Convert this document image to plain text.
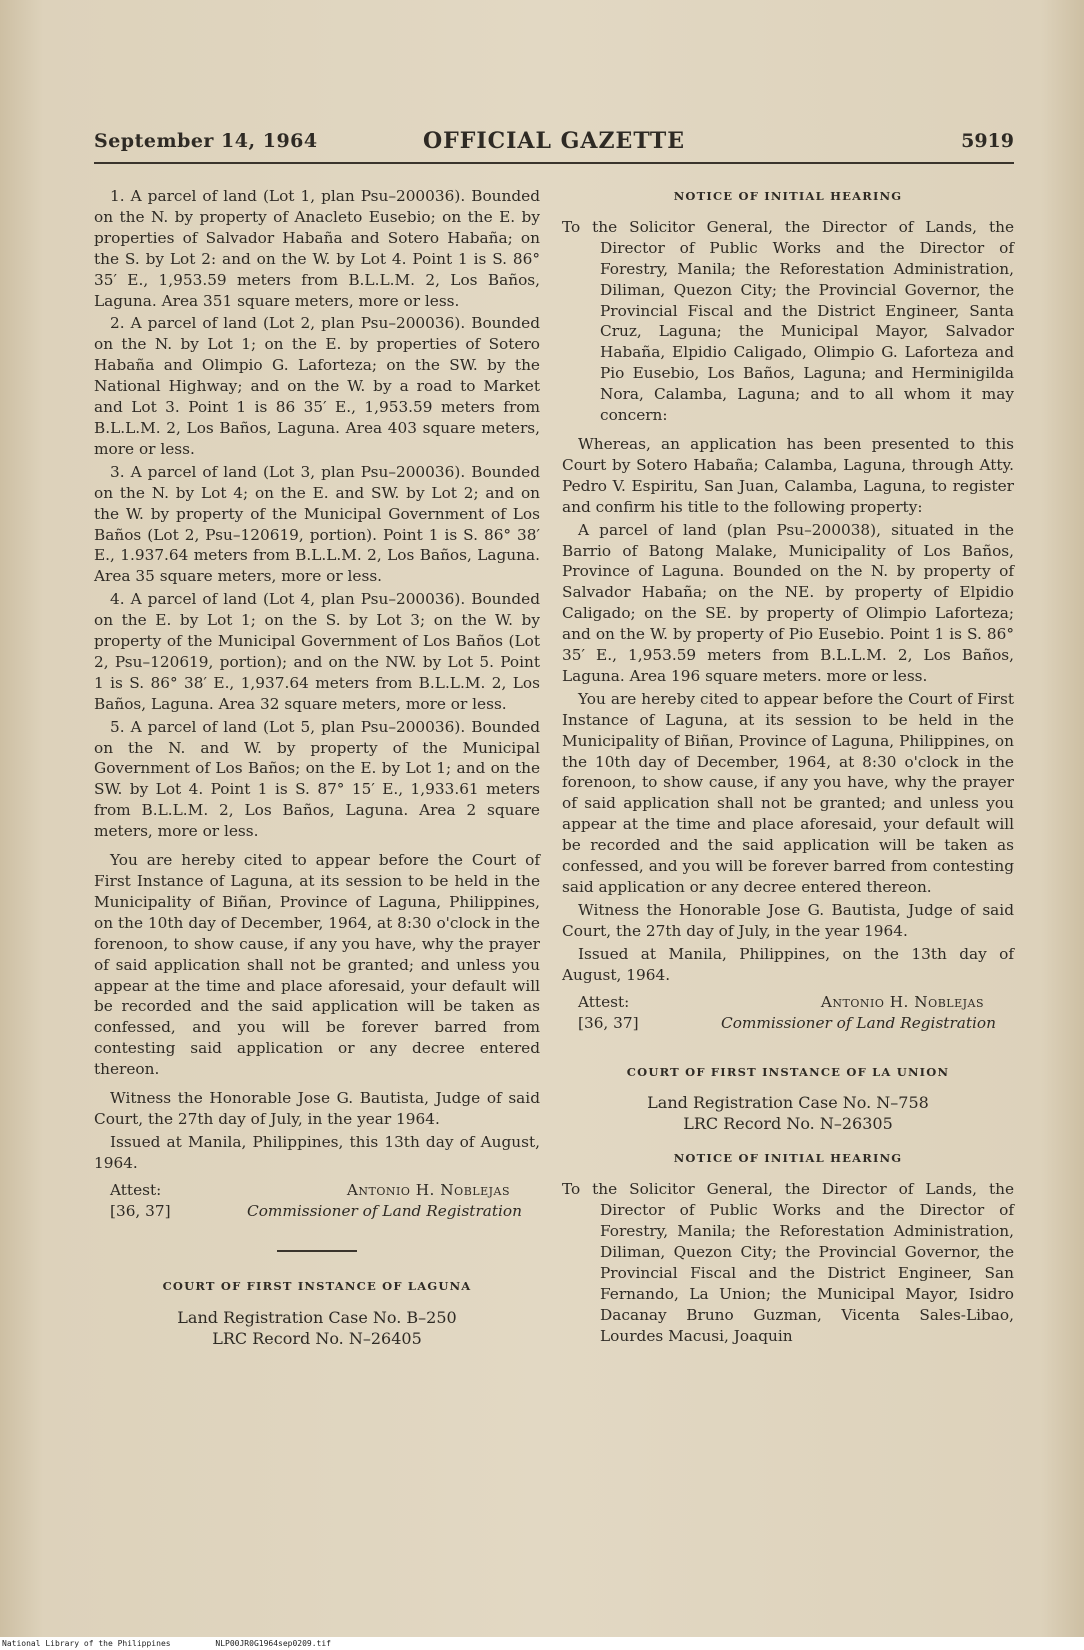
September 14, 1964	OFFICIAL GAZETTE	5919

1. A parcel of land (Lot 1, plan Psu–200036). Bounded on the N. by property of Anacleto Eusebio; on the E. by properties of Salvador Habaña and Sotero Habaña; on the S. by Lot 2: and on the W. by Lot 4. Point 1 is S. 86° 35′ E., 1,953.59 meters from B.L.L.M. 2, Los Baños, Laguna. Area 351 square meters, more or less.

2. A parcel of land (Lot 2, plan Psu–200036). Bounded on the N. by Lot 1; on the E. by properties of Sotero Habaña and Olimpio G. Laforteza; on the SW. by the National Highway; and on the W. by a road to Market and Lot 3. Point 1 is 86 35′ E., 1,953.59 meters from B.L.L.M. 2, Los Baños, Laguna. Area 403 square meters, more or less.

3. A parcel of land (Lot 3, plan Psu–200036). Bounded on the N. by Lot 4; on the E. and SW. by Lot 2; and on the W. by property of the Municipal Government of Los Baños (Lot 2, Psu–120619, portion). Point 1 is S. 86° 38′ E., 1.937.64 meters from B.L.L.M. 2, Los Baños, Laguna. Area 35 square meters, more or less.

4. A parcel of land (Lot 4, plan Psu–200036). Bounded on the E. by Lot 1; on the S. by Lot 3; on the W. by property of the Municipal Government of Los Baños (Lot 2, Psu–120619, portion); and on the NW. by Lot 5. Point 1 is S. 86° 38′ E., 1,937.64 meters from B.L.L.M. 2, Los Baños, Laguna. Area 32 square meters, more or less.

5. A parcel of land (Lot 5, plan Psu–200036). Bounded on the N. and W. by property of the Municipal Government of Los Baños; on the E. by Lot 1; and on the SW. by Lot 4. Point 1 is S. 87° 15′ E., 1,933.61 meters from B.L.L.M. 2, Los Baños, Laguna. Area 2 square meters, more or less.

You are hereby cited to appear before the Court of First Instance of Laguna, at its session to be held in the Municipality of Biñan, Province of Laguna, Philippines, on the 10th day of December, 1964, at 8:30 o'clock in the forenoon, to show cause, if any you have, why the prayer of said application shall not be granted; and unless you appear at the time and place aforesaid, your default will be recorded and the said application will be taken as confessed, and you will be forever barred from contesting said application or any decree entered thereon.

Witness the Honorable Jose G. Bautista, Judge of said Court, the 27th day of July, in the year 1964.

Issued at Manila, Philippines, this 13th day of August, 1964.

Attest:	Antonio H. Noblejas
[36, 37]	Commissioner of Land Registration
COURT OF FIRST INSTANCE OF LAGUNA

Land Registration Case No. B–250

LRC Record No. N–26405

NOTICE OF INITIAL HEARING

To the Solicitor General, the Director of Lands, the Director of Public Works and the Director of Forestry, Manila; the Reforestation Administration, Diliman, Quezon City; the Provincial Governor, the Provincial Fiscal and the District Engineer, Santa Cruz, Laguna; the Municipal Mayor, Salvador Habaña, Elpidio Caligado, Olimpio G. Laforteza and Pio Eusebio, Los Baños, Laguna; and Herminigilda Nora, Calamba, Laguna; and to all whom it may concern:

Whereas, an application has been presented to this Court by Sotero Habaña; Calamba, Laguna, through Atty. Pedro V. Espiritu, San Juan, Calamba, Laguna, to register and confirm his title to the following property:

A parcel of land (plan Psu–200038), situated in the Barrio of Batong Malake, Municipality of Los Baños, Province of Laguna. Bounded on the N. by property of Salvador Habaña; on the NE. by property of Elpidio Caligado; on the SE. by property of Olimpio Laforteza; and on the W. by property of Pio Eusebio. Point 1 is S. 86° 35′ E., 1,953.59 meters from B.L.L.M. 2, Los Baños, Laguna. Area 196 square meters. more or less.

You are hereby cited to appear before the Court of First Instance of Laguna, at its session to be held in the Municipality of Biñan, Province of Laguna, Philippines, on the 10th day of December, 1964, at 8:30 o'clock in the forenoon, to show cause, if any you have, why the prayer of said application shall not be granted; and unless you appear at the time and place aforesaid, your default will be recorded and the said application will be taken as confessed, and you will be forever barred from contesting said application or any decree entered thereon.

Witness the Honorable Jose G. Bautista, Judge of said Court, the 27th day of July, in the year 1964.

Issued at Manila, Philippines, on the 13th day of August, 1964.

Attest:	Antonio H. Noblejas
[36, 37]	Commissioner of Land Registration
COURT OF FIRST INSTANCE OF LA UNION

Land Registration Case No. N–758

LRC Record No. N–26305

NOTICE OF INITIAL HEARING

To the Solicitor General, the Director of Lands, the Director of Public Works and the Director of Forestry, Manila; the Reforestation Administration, Diliman, Quezon City; the Provincial Governor, the Provincial Fiscal and the District Engineer, San Fernando, La Union; the Municipal Mayor, Isidro Dacanay Bruno Guzman, Vicenta Sales-Libao, Lourdes Macusi, Joaquin

National Library of the Philippines	NLP00JR0G1964sep0209.tif
